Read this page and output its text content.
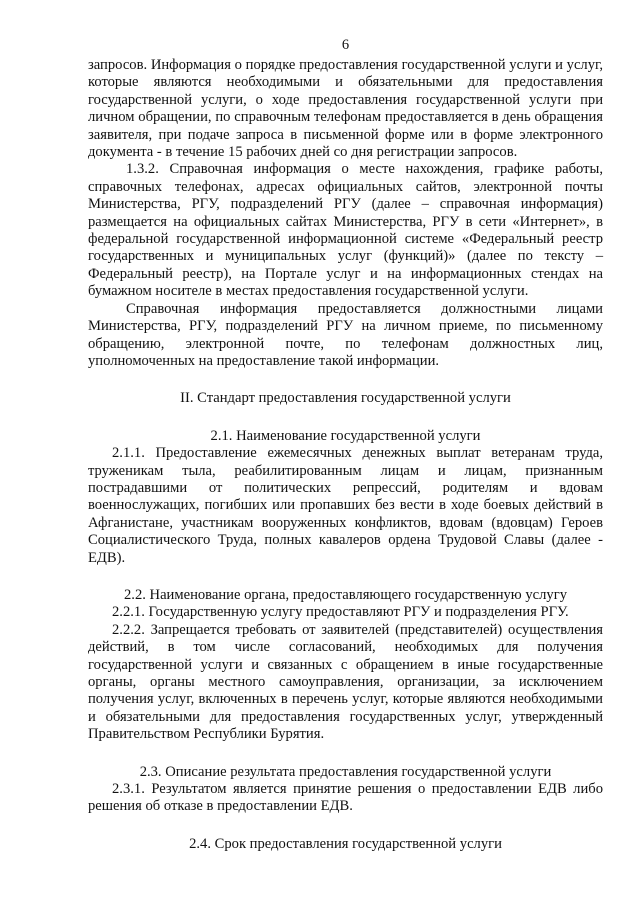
6

запросов. Информация о порядке предоставления государственной услуги и услуг, которые являются необходимыми и обязательными для предоставления государственной услуги, о ходе предоставления государственной услуги при личном обращении, по справочным телефонам предоставляется в день обращения заявителя, при подаче запроса в письменной форме или в форме электронного документа - в течение 15 рабочих дней со дня регистрации запросов.

1.3.2. Справочная информация о месте нахождения, графике работы, справочных телефонах, адресах официальных сайтов, электронной почты Министерства, РГУ, подразделений РГУ (далее – справочная информация) размещается на официальных сайтах Министерства, РГУ в сети «Интернет», в федеральной государственной информационной системе «Федеральный реестр государственных и муниципальных услуг (функций)» (далее по тексту – Федеральный реестр), на Портале услуг и на информационных стендах на бумажном носителе в местах предоставления государственной услуги.

Справочная информация предоставляется должностными лицами Министерства, РГУ, подразделений РГУ на личном приеме, по письменному обращению, электронной почте, по телефонам должностных лиц, уполномоченных на предоставление такой информации.

II. Стандарт предоставления государственной услуги
2.1. Наименование государственной услуги

2.1.1. Предоставление ежемесячных денежных выплат ветеранам труда, труженикам тыла, реабилитированным лицам и лицам, признанным пострадавшими от политических репрессий, родителям и вдовам военнослужащих, погибших или пропавших без вести в ходе боевых действий в Афганистане, участникам вооруженных конфликтов, вдовам (вдовцам) Героев Социалистического Труда, полных кавалеров ордена Трудовой Славы (далее - ЕДВ).

2.2. Наименование органа, предоставляющего государственную услугу

2.2.1. Государственную услугу предоставляют РГУ и подразделения РГУ.

2.2.2. Запрещается требовать от заявителей (представителей) осуществления действий, в том числе согласований, необходимых для получения государственной услуги и связанных с обращением в иные государственные органы, органы местного самоуправления, организации, за исключением получения услуг, включенных в перечень услуг, которые являются необходимыми и обязательными для предоставления государственных услуг, утвержденный Правительством Республики Бурятия.

2.3. Описание результата предоставления государственной услуги

2.3.1. Результатом является принятие решения о предоставлении ЕДВ либо решения об отказе в предоставлении ЕДВ.

2.4. Срок предоставления государственной услуги
